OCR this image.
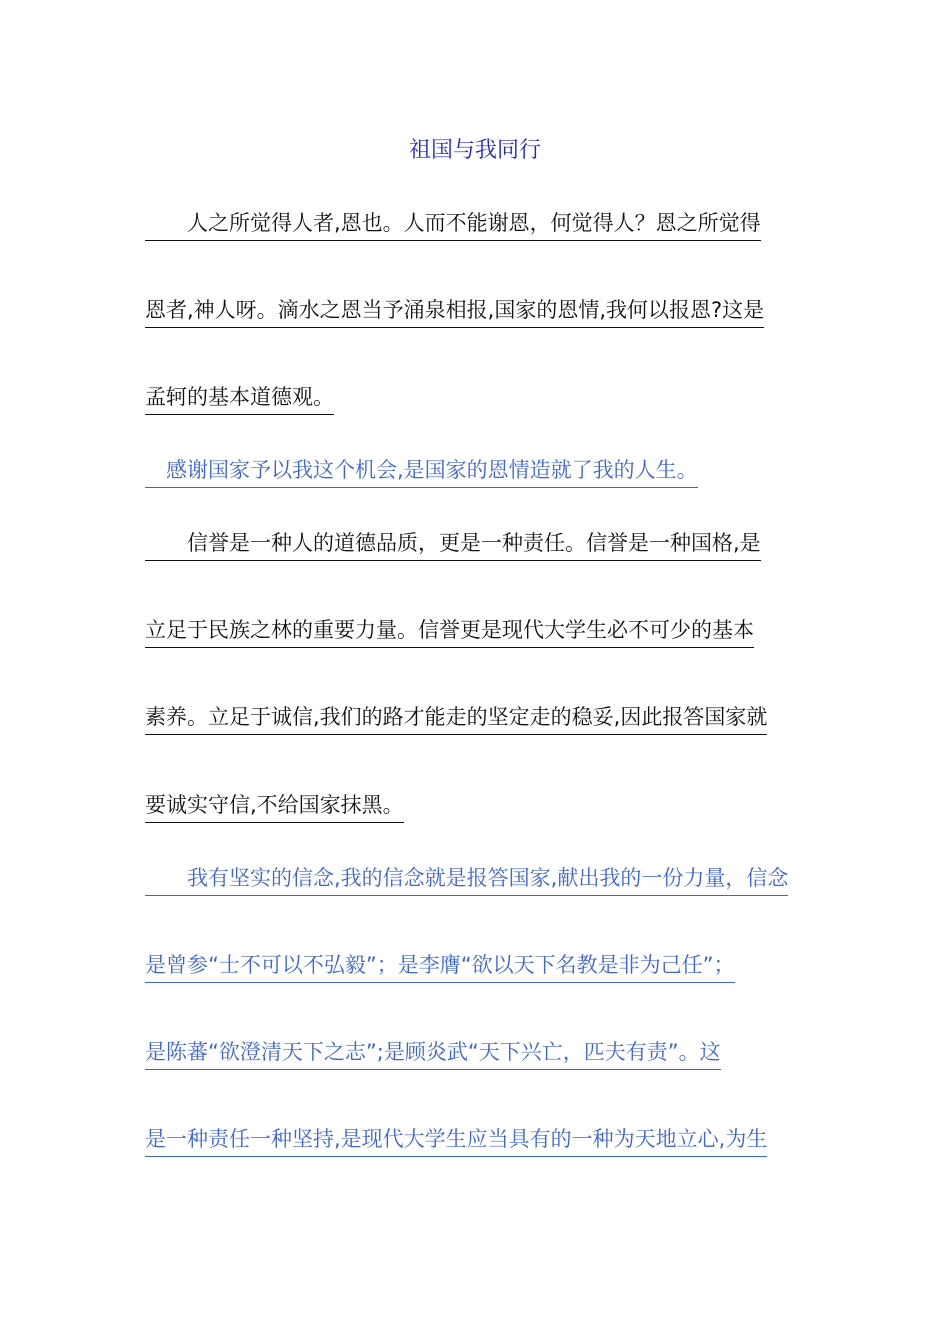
祖国与我同行
　　人之所觉得人者,恩也。人而不能谢恩，何觉得人？恩之所觉得
恩者,神人呀。滴水之恩当予涌泉相报,国家的恩情,我何以报恩?这是
孟轲的基本道德观。
　感谢国家予以我这个机会,是国家的恩情造就了我的人生。
　　信誉是一种人的道德品质，更是一种责任。信誉是一种国格,是
立足于民族之林的重要力量。信誉更是现代大学生必不可少的基本
素养。立足于诚信,我们的路才能走的坚定走的稳妥,因此报答国家就
要诚实守信,不给国家抹黑。
　　我有坚实的信念,我的信念就是报答国家,献出我的一份力量，信念
是曾参“士不可以不弘毅”；是李膺“欲以天下名教是非为己任”；
是陈蕃“欲澄清天下之志”;是顾炎武“天下兴亡，匹夫有责”。这
是一种责任一种坚持,是现代大学生应当具有的一种为天地立心,为生
